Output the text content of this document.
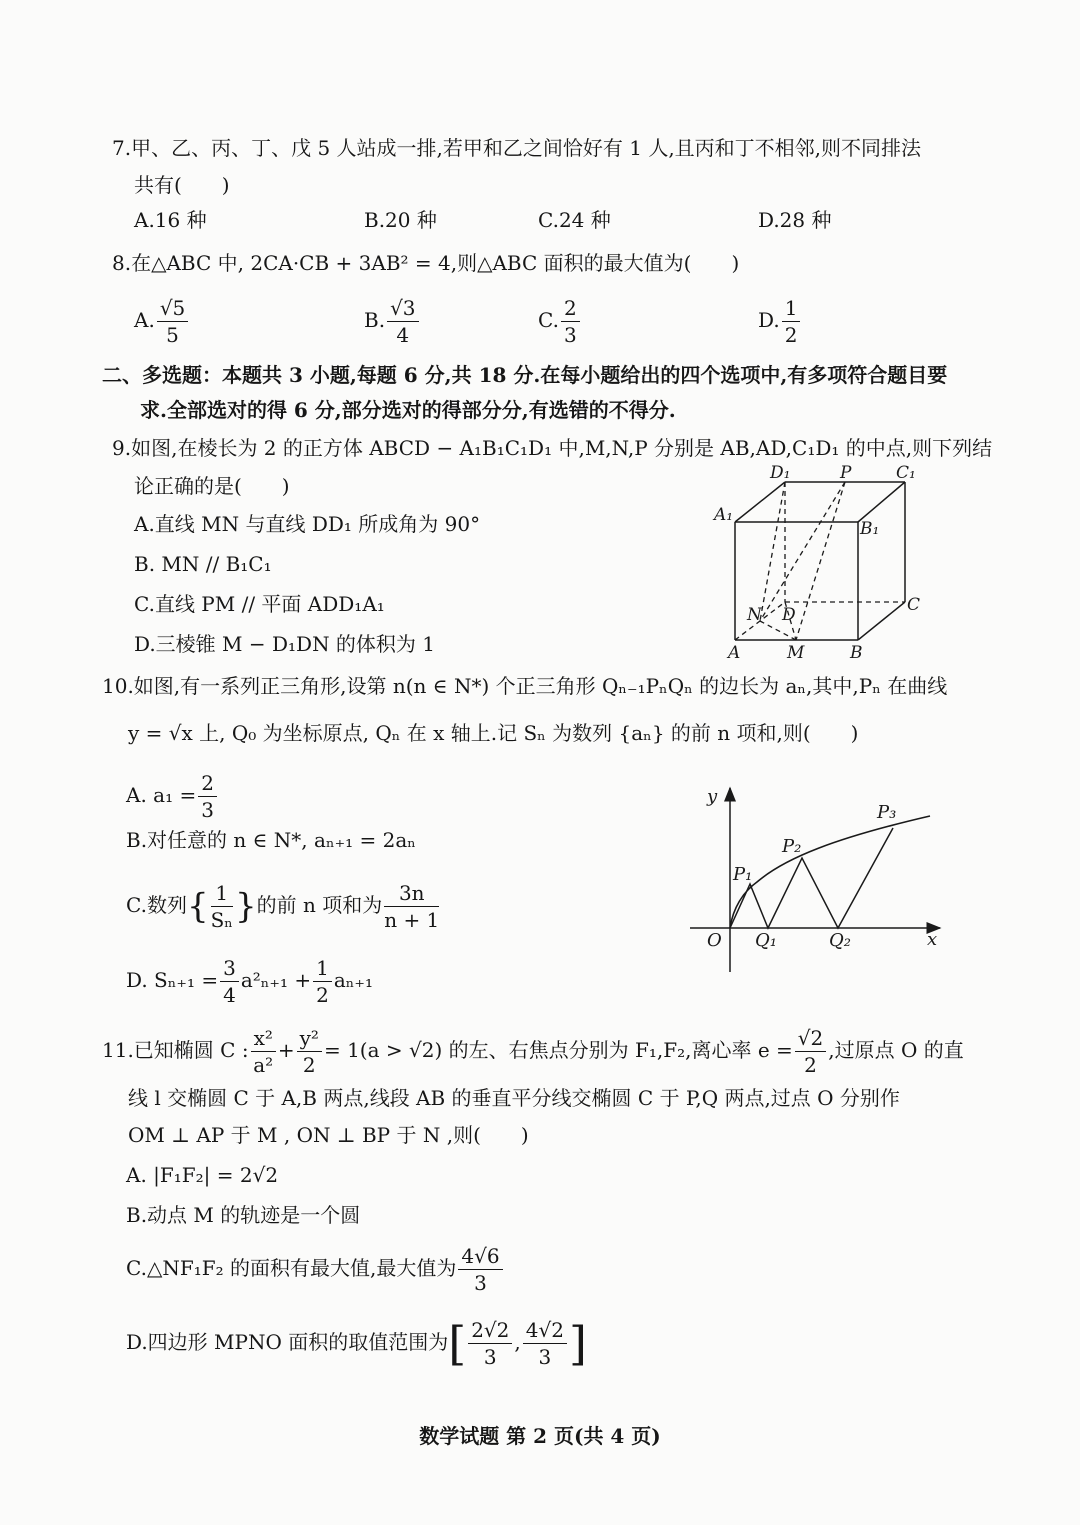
7.甲、乙、丙、丁、戊 5 人站成一排,若甲和乙之间恰好有 1 人,且丙和丁不相邻,则不同排法
共有(　　)
A.16 种	B.20 种	C.24 种	D.28 种
8.在△ABC 中, 2CA·CB + 3AB² = 4,则△ABC 面积的最大值为(　　)
A. $\frac{√5}{5}$	B. $\frac{√3}{4}$	C. $\frac{2}{3}$	D. $\frac{1}{2}$
二、多选题：本题共 3 小题,每题 6 分,共 18 分.在每小题给出的四个选项中,有多项符合题目要
求.全部选对的得 6 分,部分选对的得部分分,有选错的不得分.
9.如图,在棱长为 2 的正方体 ABCD − A₁B₁C₁D₁ 中,M,N,P 分别是 AB,AD,C₁D₁ 的中点,则下列结
论正确的是(　　)
A.直线 MN 与直线 DD₁ 所成角为 90°
B. MN // B₁C₁
C.直线 PM // 平面 ADD₁A₁
D.三棱锥 M − D₁DN 的体积为 1
D₁	P	C₁
A₁
B₁
N D	C
A	M	B
10.如图,有一系列正三角形,设第 n(n ∈ N*) 个正三角形 Qₙ₋₁PₙQₙ 的边长为 aₙ,其中,Pₙ 在曲线
y = √x 上, Q₀ 为坐标原点, Qₙ 在 x 轴上.记 Sₙ 为数列 {aₙ} 的前 n 项和,则(　　)
A. $a_1 = \frac{2}{3}$
B.对任意的 n ∈ N*, aₙ₊₁ = 2aₙ
C.数列{ $\frac{1}{\text{Sₙ}}$ }的前 n 项和为 $\frac{3n}{n + 1}$
D. $S_{n+1} = \frac{3}{4} a^2_{n+1} + \frac{1}{2} a_{n+1}$
y
x
O Q₁	Q₂
P₁
P₂
P₃
11.已知椭圆 C : $\frac{\text{x²}}{\text{a²}} + \frac{\text{y²}}{2} = 1(a > √2)$ 的左、右焦点分别为 F₁,F₂,离心率 $e = \frac{√2}{2}$ ,过原点 O 的直
线 l 交椭圆 C 于 A,B 两点,线段 AB 的垂直平分线交椭圆 C 于 P,Q 两点,过点 O 分别作
OM ⊥ AP 于 M , ON ⊥ BP 于 N ,则(　　)
A. |F₁F₂| = 2√2
B.动点 M 的轨迹是一个圆
C.△NF₁F₂ 的面积有最大值,最大值为 $\frac{4√6}{3}$
D.四边形 MPNO 面积的取值范围为[ $\frac{2√2}{3}$ , $\frac{4√2}{3}$ ]
数学试题 第 2 页(共 4 页)
